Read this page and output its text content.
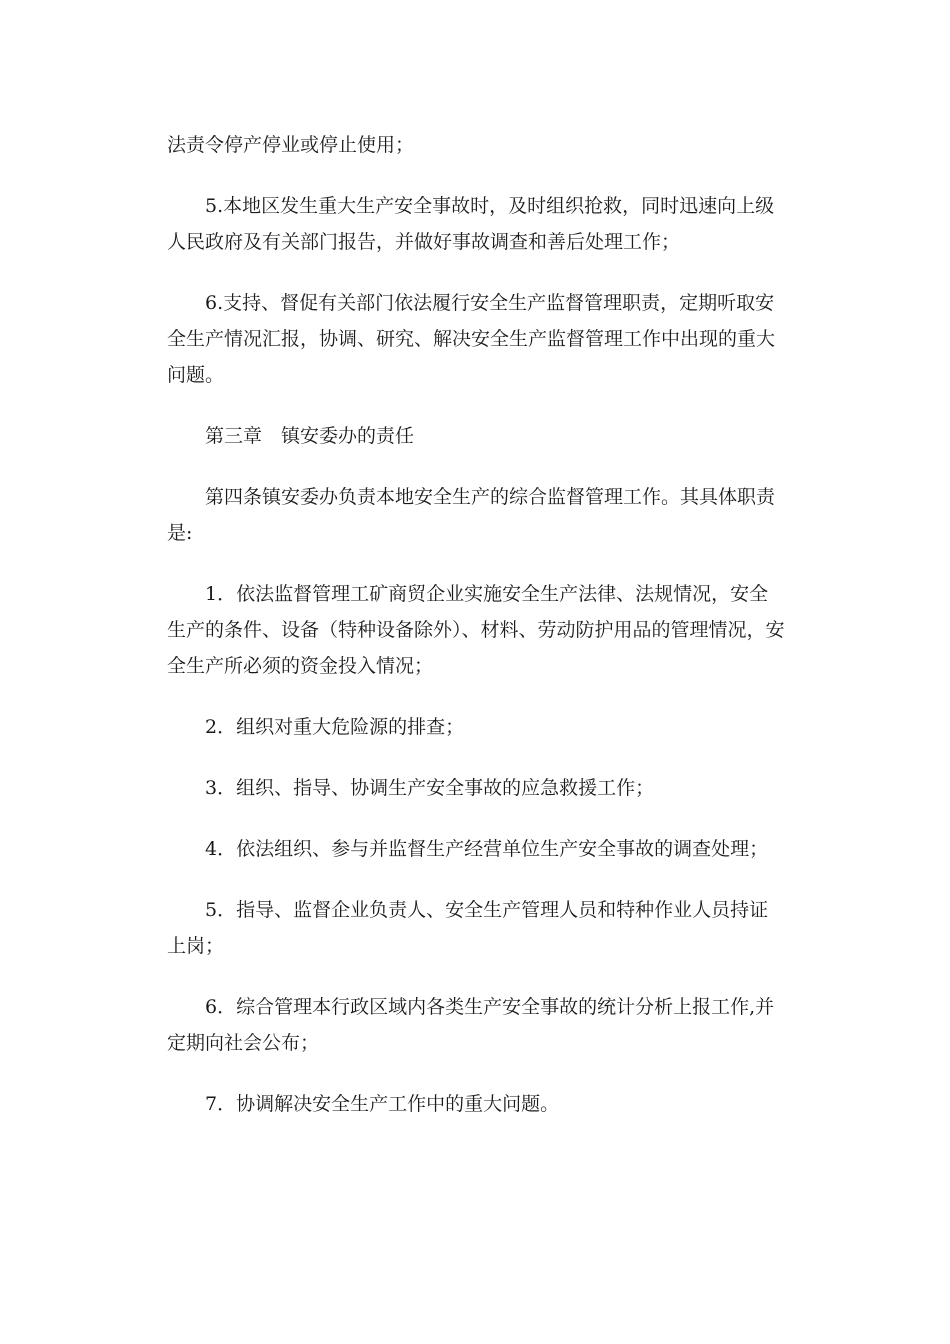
法责令停产停业或停止使用；

5.本地区发生重大生产安全事故时，及时组织抢救，同时迅速向上级人民政府及有关部门报告，并做好事故调查和善后处理工作；

6.支持、督促有关部门依法履行安全生产监督管理职责，定期听取安全生产情况汇报，协调、研究、解决安全生产监督管理工作中出现的重大问题。

第三章　镇安委办的责任

第四条镇安委办负责本地安全生产的综合监督管理工作。其具体职责是:

1．依法监督管理工矿商贸企业实施安全生产法律、法规情况，安全生产的条件、设备（特种设备除外）、材料、劳动防护用品的管理情况，安全生产所必须的资金投入情况；

2．组织对重大危险源的排查；

3．组织、指导、协调生产安全事故的应急救援工作；

4．依法组织、参与并监督生产经营单位生产安全事故的调查处理；

5．指导、监督企业负责人、安全生产管理人员和特种作业人员持证上岗；

6．综合管理本行政区域内各类生产安全事故的统计分析上报工作,并定期向社会公布；

7．协调解决安全生产工作中的重大问题。
